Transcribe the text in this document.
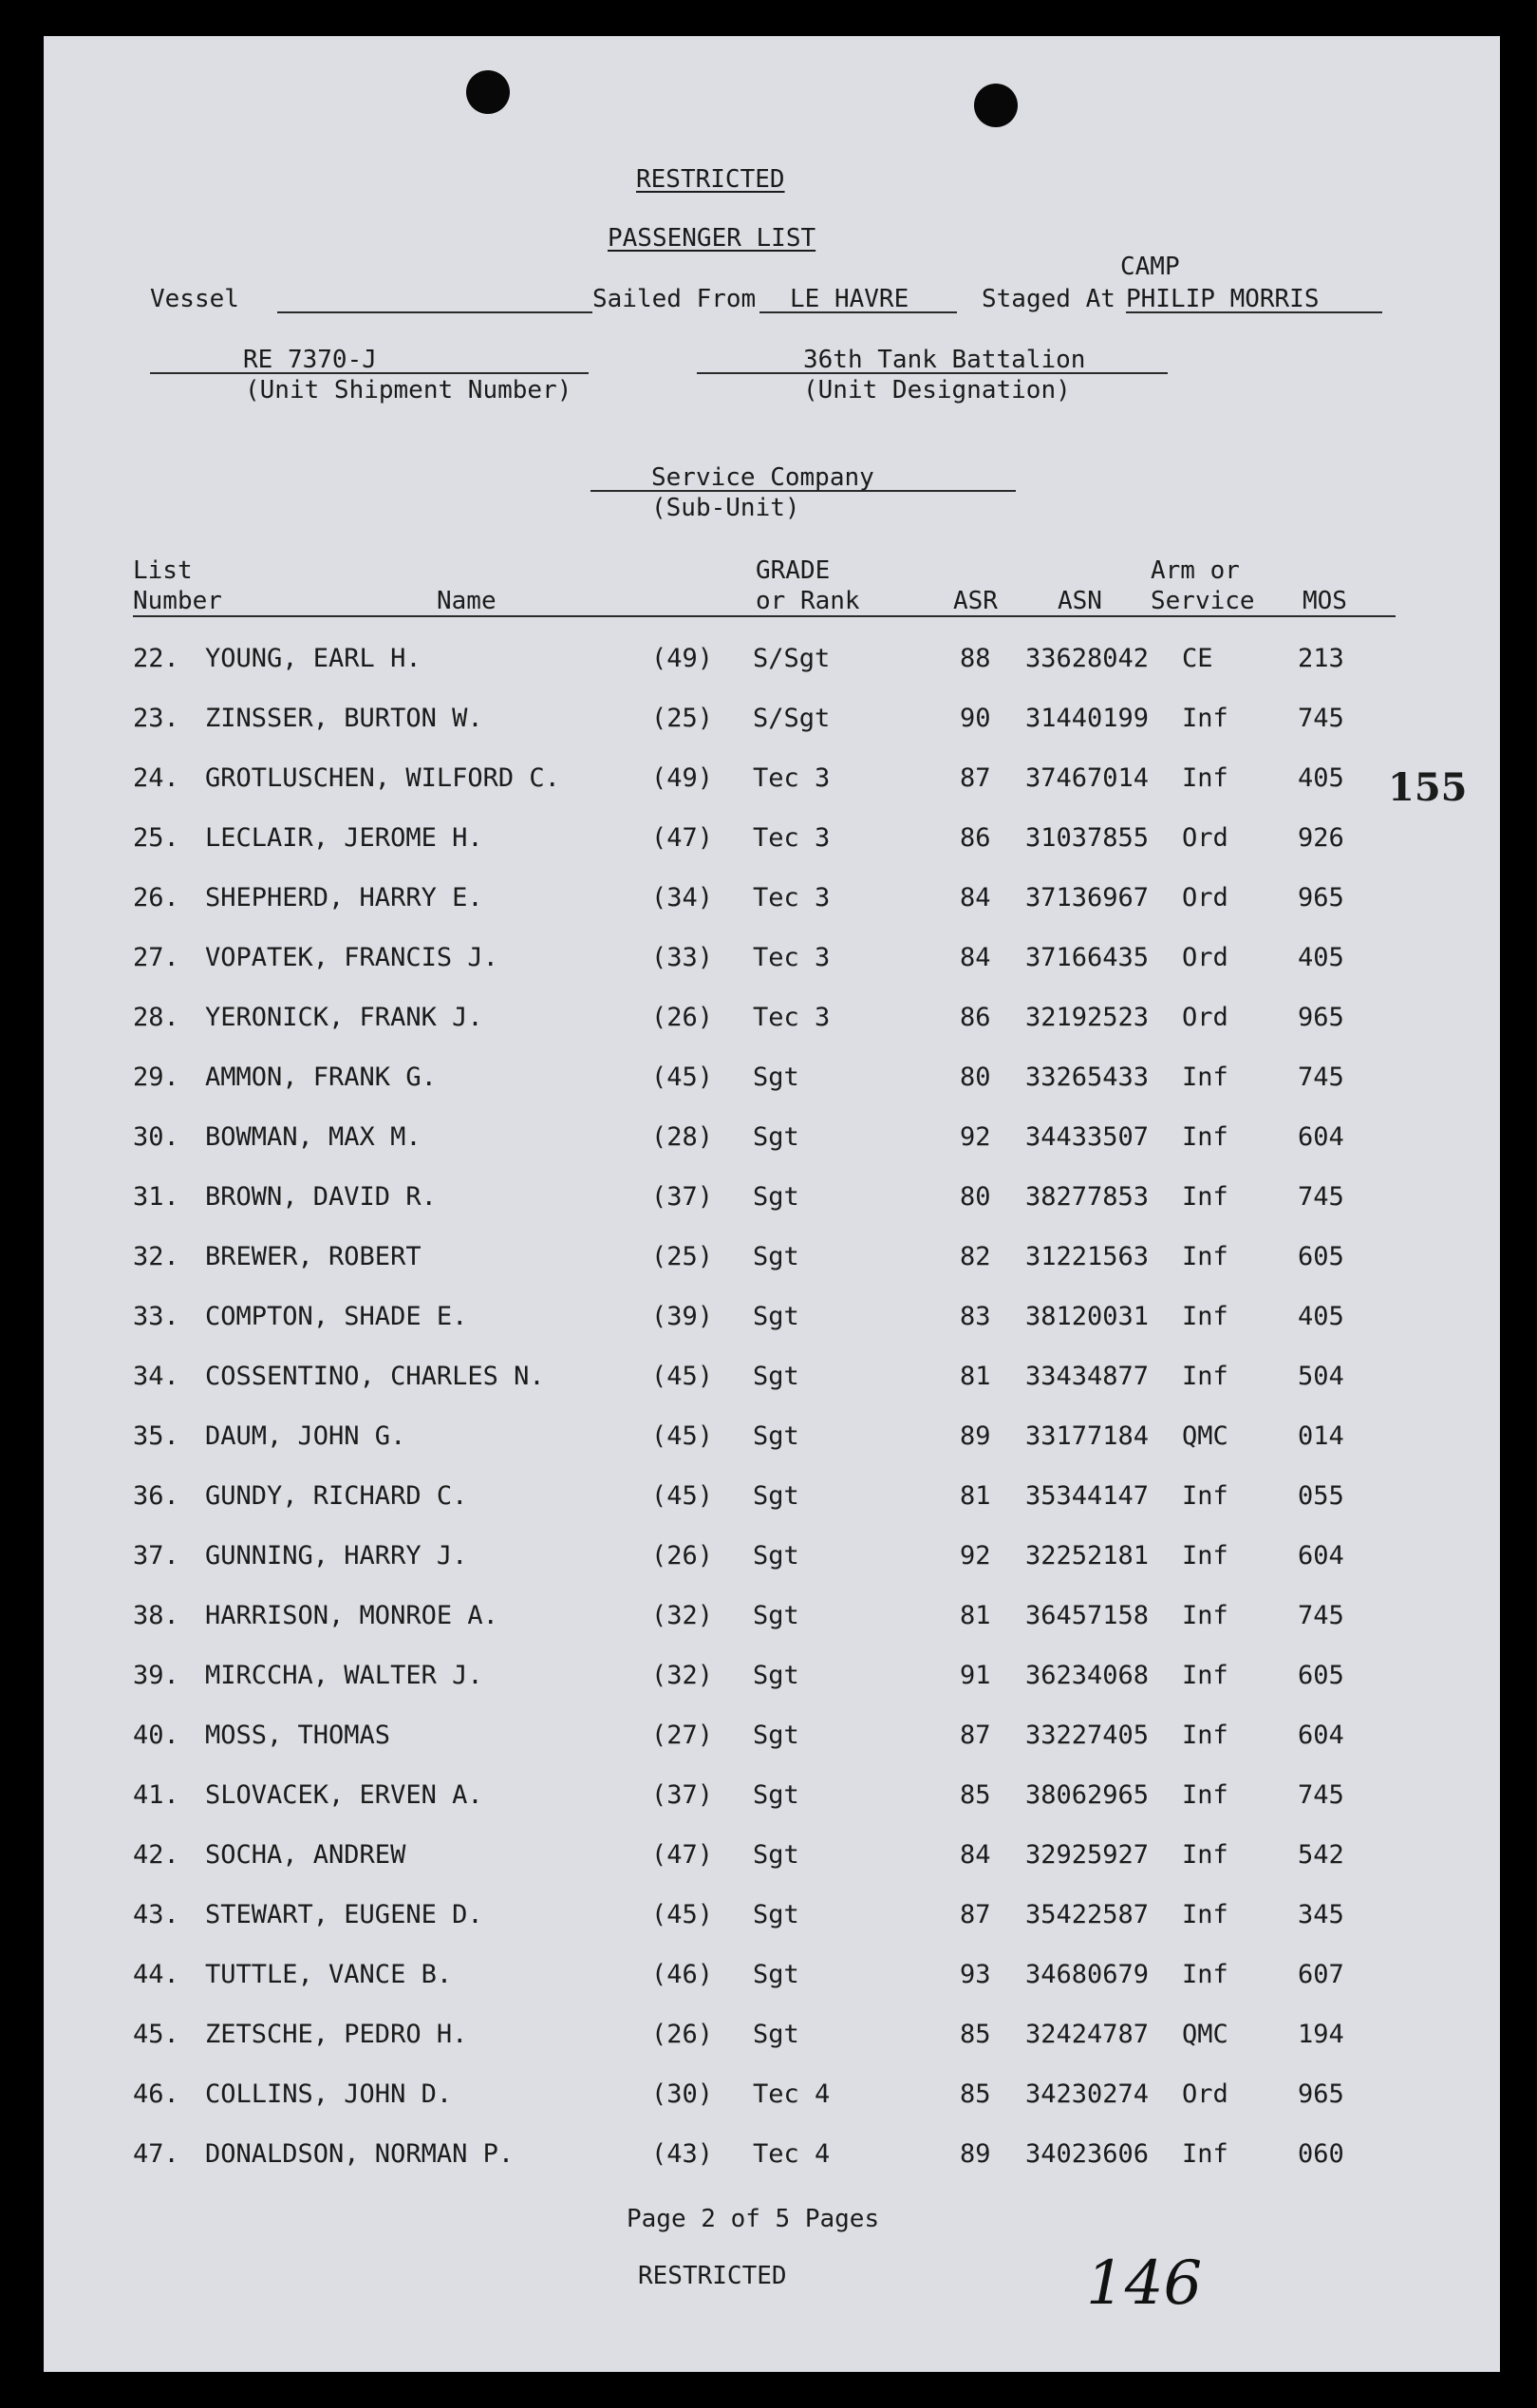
RESTRICTED
PASSENGER LIST
CAMP
Vessel	Sailed From LE HAVRE	Staged At PHILIP MORRIS
RE 7370-J
(Unit Shipment Number)
36th Tank Battalion
(Unit Designation)
Service Company
(Sub-Unit)
List
Number	Name
GRADE
or Rank	ASR ASN
Arm or
Service MOS
22. YOUNG, EARL H.	(49) S/Sgt	88 33628042 CE	213
23. ZINSSER, BURTON W.	(25) S/Sgt	90 31440199 Inf	745
24. GROTLUSCHEN, WILFORD C.	(49) Tec 3	87 37467014 Inf	405
25. LECLAIR, JEROME H.	(47) Tec 3	86 31037855 Ord	926
26. SHEPHERD, HARRY E.	(34) Tec 3	84 37136967 Ord	965
27. VOPATEK, FRANCIS J.	(33) Tec 3	84 37166435 Ord	405
28. YERONICK, FRANK J.	(26) Tec 3	86 32192523 Ord	965
29. AMMON, FRANK G.	(45) Sgt	80 33265433 Inf	745
30. BOWMAN, MAX M.	(28) Sgt	92 34433507 Inf	604
31. BROWN, DAVID R.	(37) Sgt	80 38277853 Inf	745
32. BREWER, ROBERT	(25) Sgt	82 31221563 Inf	605
33. COMPTON, SHADE E.	(39) Sgt	83 38120031 Inf	405
34. COSSENTINO, CHARLES N.	(45) Sgt	81 33434877 Inf	504
35. DAUM, JOHN G.	(45) Sgt	89 33177184 QMC	014
36. GUNDY, RICHARD C.	(45) Sgt	81 35344147 Inf	055
37. GUNNING, HARRY J.	(26) Sgt	92 32252181 Inf	604
38. HARRISON, MONROE A.	(32) Sgt	81 36457158 Inf	745
39. MIRCCHA, WALTER J.	(32) Sgt	91 36234068 Inf	605
40. MOSS, THOMAS	(27) Sgt	87 33227405 Inf	604
41. SLOVACEK, ERVEN A.	(37) Sgt	85 38062965 Inf	745
42. SOCHA, ANDREW	(47) Sgt	84 32925927 Inf	542
43. STEWART, EUGENE D.	(45) Sgt	87 35422587 Inf	345
44. TUTTLE, VANCE B.	(46) Sgt	93 34680679 Inf	607
45. ZETSCHE, PEDRO H.	(26) Sgt	85 32424787 QMC	194
46. COLLINS, JOHN D.	(30) Tec 4	85 34230274 Ord	965
47. DONALDSON, NORMAN P.	(43) Tec 4	89 34023606 Inf	060
Page 2 of 5 Pages
RESTRICTED
155
146
